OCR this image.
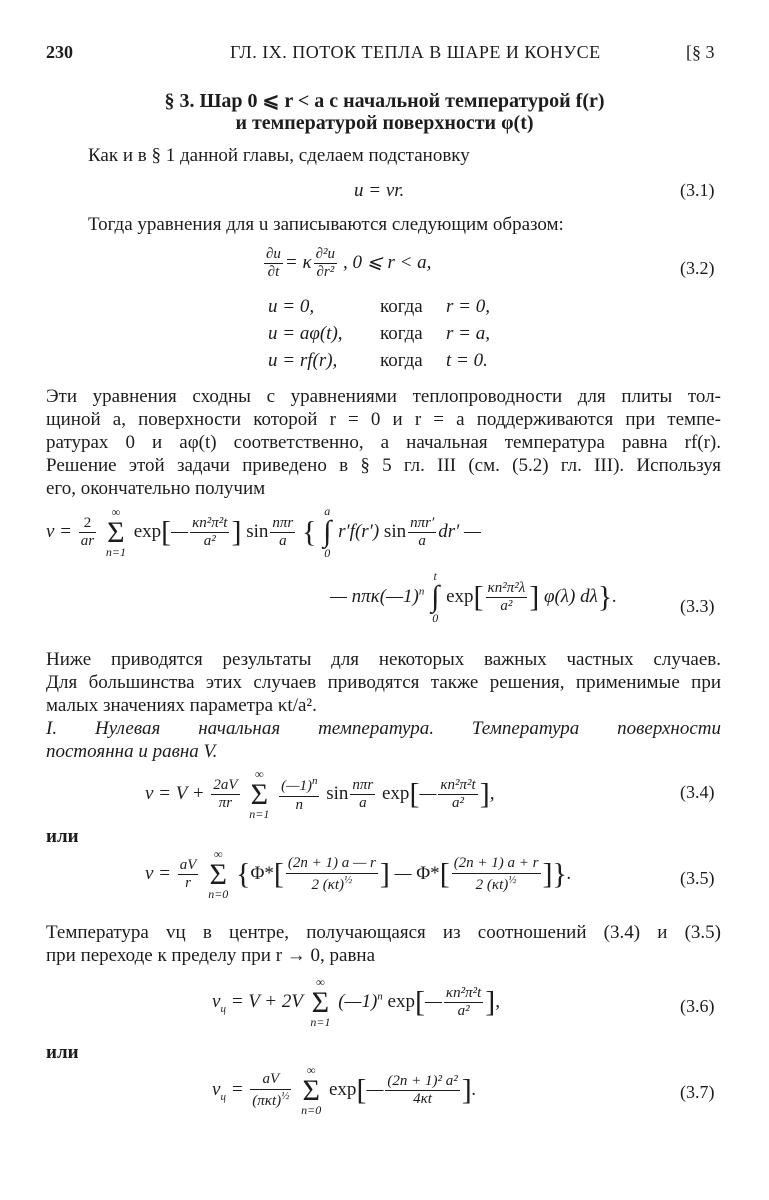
230	ГЛ. IX. ПОТОК ТЕПЛА В ШАРЕ И КОНУСЕ	[§ 3
§ 3. Шар 0 ⩽ r < a с начальной температурой f(r)
и температурой поверхности φ(t)
Как и в § 1 данной главы, сделаем подстановку
u = vr.	(3.1)
Тогда уравнения для u записываются следующим образом:
$\frac{\partial u}{\partial t} = \kappa \frac{\text{∂²u}}{\text{∂r²}}$ , 0 ⩽ r < a,	(3.2)
u = 0,	когда r = 0,
u = aφ(t), когда r = a,
u = rf(r), когда t = 0.
Эти уравнения сходны с уравнениями теплопроводности для плиты тол-
щиной a, поверхности которой r = 0 и r = a поддерживаются при темпе-
ратурах 0 и aφ(t) соответственно, а начальная температура равна rf(r).
Решение этой задачи приведено в § 5 гл. III (см. (5.2) гл. III). Используя
его, окончательно получим
$v = \frac{2}{ar}$

∞
Σ
n=1
exp[— $\frac{\text{κn²π²t}}{\text{a²}}$ ] $\sin \frac{\text{nπr}}{a}$ {
a
∫
0
r′f(r′) $\sin \frac{\text{nπr′}}{a} dr'$ —
— nπκ(—1)$^n$
t
∫
0
$\exp[ \frac{\text{κn²π²λ}}{\text{a²}}$ ] φ(λ) dλ}.	(3.3)
Ниже приводятся результаты для некоторых важных частных случаев.
Для большинства этих случаев приводятся также решения, применимые при
малых значениях параметра κt/a².
I. Нулевая начальная температура. Температура поверхности
постоянна и равна V.
$v = V + \frac{2aV}{\pi r}$

∞
Σ
n=1

$\frac{(—1)^n}{n}$ $\sin \frac{\text{nπr}}{a}$ exp[— $\frac{\text{κn²π²t}}{\text{a²}}$ ],	(3.4)
или
$v = \frac{aV}{r}$

∞
Σ
n=0
{$\Phi*[ \frac{(2n + 1) a — r}{2 (\kappa t)^{\frac{1}{2}}}$ ] — $\Phi*[ \frac{(2n + 1) a + r}{2 (\kappa t)^{\frac{1}{2}}}$ ]}.	(3.5)
Температура vц в центре, получающаяся из соотношений (3.4) и (3.5)
при переходе к пределу при r → 0, равна
$v_ц = V + 2V$
∞
Σ
n=1
(—1)$^n$ exp[— $\frac{\text{κn²π²t}}{\text{a²}}$ ],	(3.6)
или
$v_ц = \frac{aV}{(\pi\kappa t)^{\frac{1}{2}}}$

∞
Σ
n=0
exp[— $\frac{\text{(2n + 1)² a²}}{4\kappa t}$ ].	(3.7)
